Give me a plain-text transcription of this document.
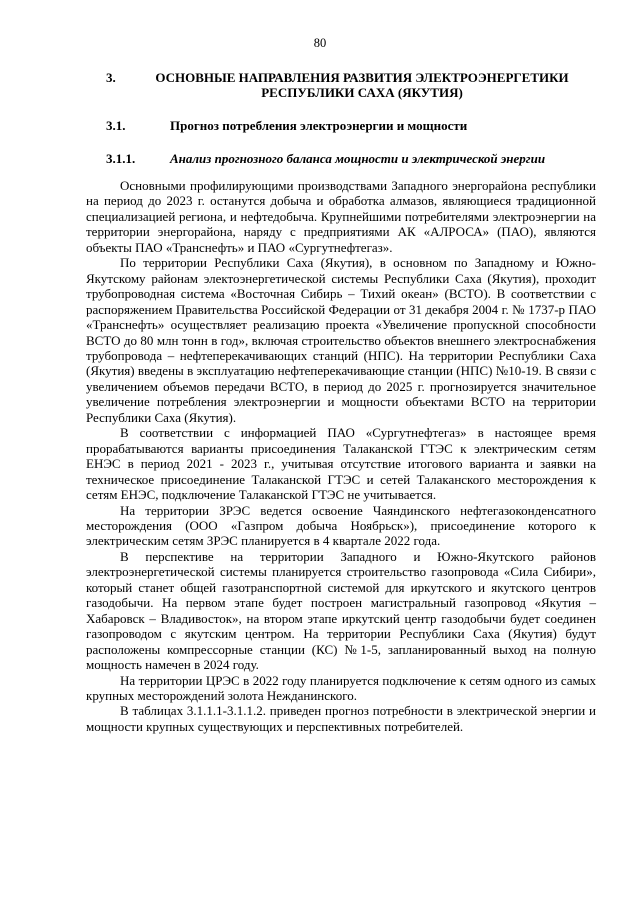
80
3.	ОСНОВНЫЕ НАПРАВЛЕНИЯ РАЗВИТИЯ ЭЛЕКТРОЭНЕРГЕТИКИ РЕСПУБЛИКИ САХА (ЯКУТИЯ)
3.1.	Прогноз потребления электроэнергии и мощности
3.1.1.	Анализ прогнозного баланса мощности и электрической энергии

Основными профилирующими производствами Западного энергорайона республики на период до 2023 г. останутся добыча и обработка алмазов, являющиеся традиционной специализацией региона, и нефтедобыча. Крупнейшими потребителями электроэнергии на территории энергорайона, наряду с предприятиями АК «АЛРОСА» (ПАО), являются объекты ПАО «Транснефть» и ПАО «Сургутнефтегаз».

По территории Республики Саха (Якутия), в основном по Западному и Южно-Якутскому районам электоэнергетической системы Республики Саха (Якутия), проходит трубопроводная система «Восточная Сибирь – Тихий океан» (ВСТО). В соответствии с распоряжением Правительства Российской Федерации от 31 декабря 2004 г. № 1737-р ПАО «Транснефть» осуществляет реализацию проекта «Увеличение пропускной способности ВСТО до 80 млн тонн в год», включая строительство объектов внешнего электроснабжения трубопровода – нефтеперекачивающих станций (НПС). На территории Республики Саха (Якутия) введены в эксплуатацию нефтеперекачивающие станции (НПС) №10-19. В связи с увеличением объемов передачи ВСТО, в период до 2025 г. прогнозируется значительное увеличение потребления электроэнергии и мощности объектами ВСТО на территории Республики Саха (Якутия).

В соответствии с информацией ПАО «Сургутнефтегаз» в настоящее время прорабатываются варианты присоединения Талаканской ГТЭС к электрическим сетям ЕНЭС в период 2021 - 2023 г., учитывая отсутствие итогового варианта и заявки на техническое присоединение Талаканской ГТЭС и сетей Талаканского месторождения к сетям ЕНЭС, подключение Талаканской ГТЭС не учитывается.

На территории ЗРЭС ведется освоение Чаяндинского нефтегазоконденсатного месторождения (ООО «Газпром добыча Ноябрьск»), присоединение которого к электрическим сетям ЗРЭС планируется в 4 квартале 2022 года.

В перспективе на территории Западного и Южно-Якутского районов электроэнергетической системы планируется строительство газопровода «Сила Сибири», который станет общей газотранспортной системой для иркутского и якутского центров газодобычи. На первом этапе будет построен магистральный газопровод «Якутия – Хабаровск – Владивосток», на втором этапе иркутский центр газодобычи будет соединен газопроводом с якутским центром. На территории Республики Саха (Якутия) будут расположены компрессорные станции (КС) №1-5, запланированный выход на полную мощность намечен в 2024 году.

На территории ЦРЭС в 2022 году планируется подключение к сетям одного из самых крупных месторождений золота Нежданинского.

В таблицах 3.1.1.1-3.1.1.2. приведен прогноз потребности в электрической энергии и мощности крупных существующих и перспективных потребителей.
